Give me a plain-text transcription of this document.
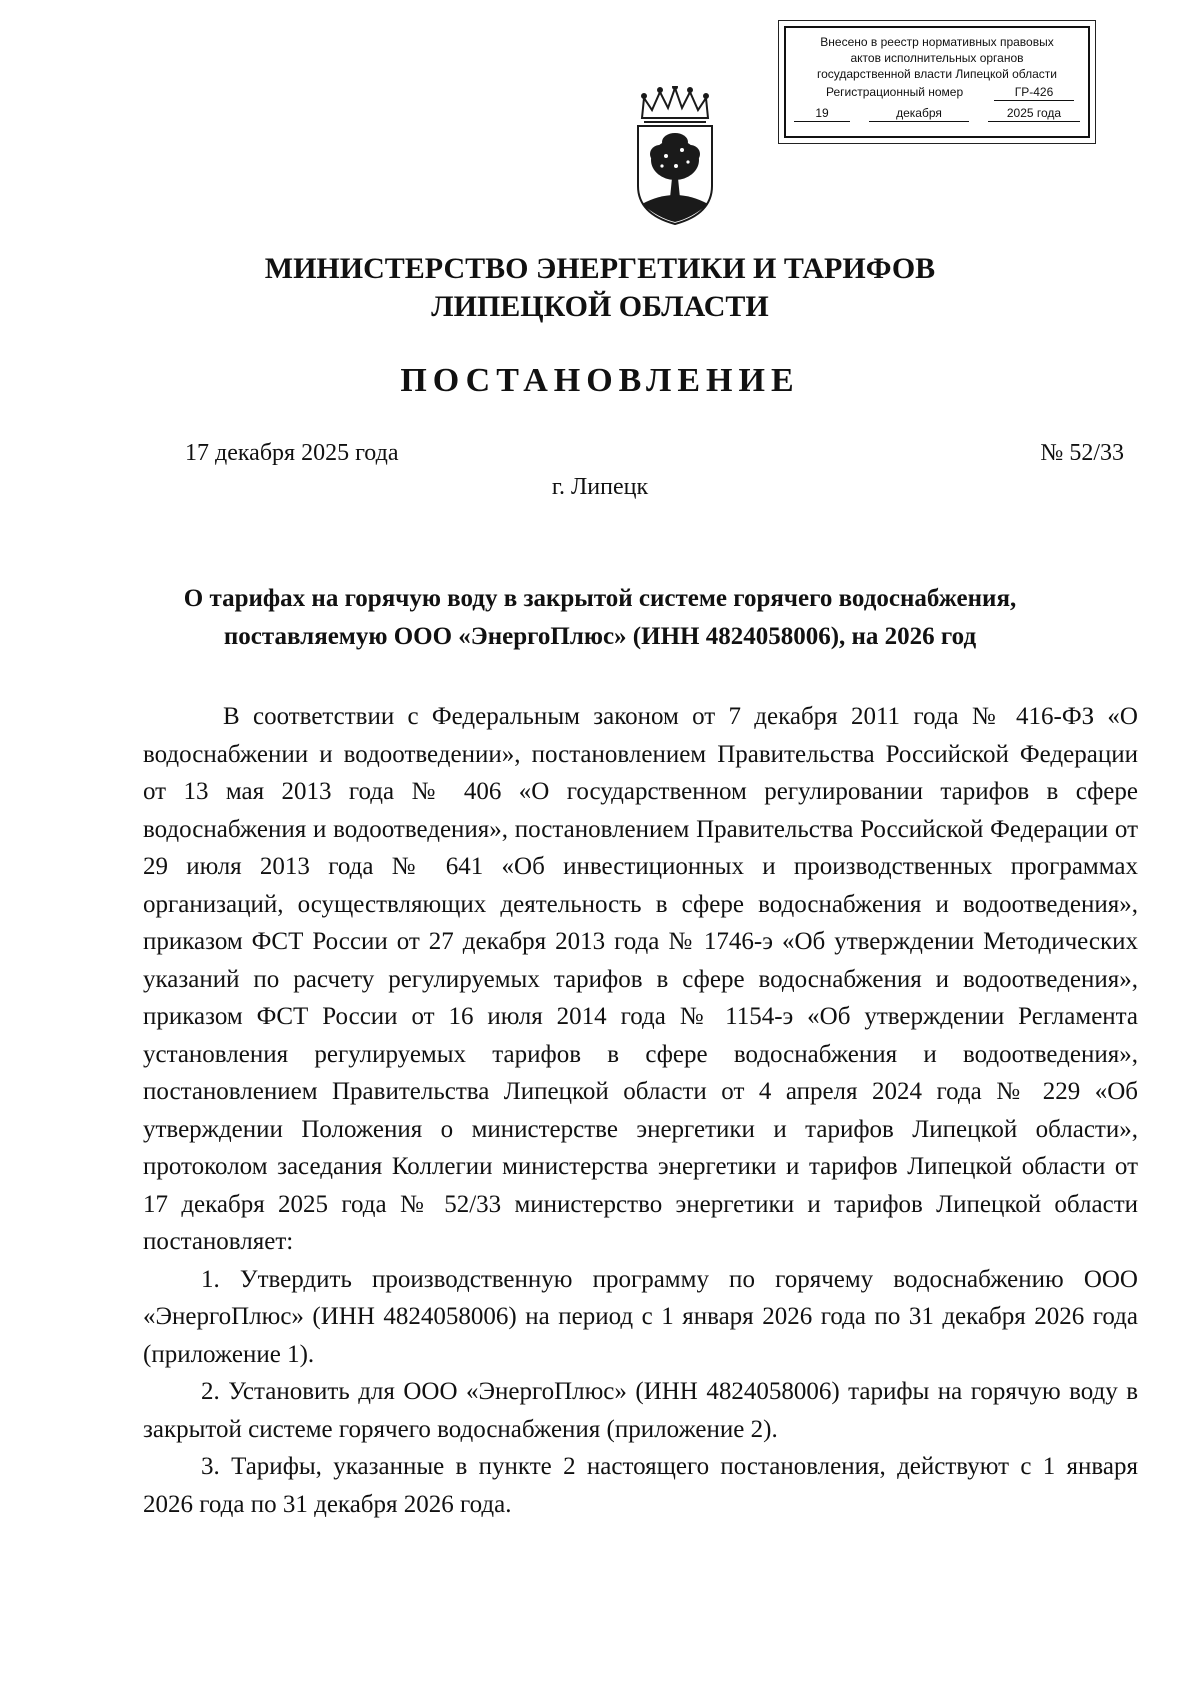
Внесено в реестр нормативных правовых
актов исполнительных органов
государственной власти Липецкой области
Регистрационный номер	ГР-426
19	декабря	2025 года
МИНИСТЕРСТВО ЭНЕРГЕТИКИ И ТАРИФОВ
ЛИПЕЦКОЙ ОБЛАСТИ
ПОСТАНОВЛЕНИЕ
17 декабря 2025 года	№ 52/33
г. Липецк
О тарифах на горячую воду в закрытой системе горячего водоснабжения,
поставляемую ООО «ЭнергоПлюс» (ИНН 4824058006), на 2026 год

В соответствии с Федеральным законом от 7 декабря 2011 года № 416-ФЗ «О водоснабжении и водоотведении», постановлением Правительства Российской Федерации от 13 мая 2013 года № 406 «О государственном регулировании тарифов в сфере водоснабжения и водоотведения», постановлением Правительства Российской Федерации от 29 июля 2013 года № 641 «Об инвестиционных и производственных программах организаций, осуществляющих деятельность в сфере водоснабжения и водоотведения», приказом ФСТ России от 27 декабря 2013 года № 1746-э «Об утверждении Методических указаний по расчету регулируемых тарифов в сфере водоснабжения и водоотведения», приказом ФСТ России от 16 июля 2014 года № 1154-э «Об утверждении Регламента установления регулируемых тарифов в сфере водоснабжения и водоотведения», постановлением Правительства Липецкой области от 4 апреля 2024 года № 229 «Об утверждении Положения о министерстве энергетики и тарифов Липецкой области», протоколом заседания Коллегии министерства энергетики и тарифов Липецкой области от 17 декабря 2025 года № 52/33 министерство энергетики и тарифов Липецкой области постановляет:

1. Утвердить производственную программу по горячему водоснабжению ООО «ЭнергоПлюс» (ИНН 4824058006) на период с 1 января 2026 года по 31 декабря 2026 года (приложение 1).

2. Установить для ООО «ЭнергоПлюс» (ИНН 4824058006) тарифы на горячую воду в закрытой системе горячего водоснабжения (приложение 2).

3. Тарифы, указанные в пункте 2 настоящего постановления, действуют с 1 января 2026 года по 31 декабря 2026 года.
